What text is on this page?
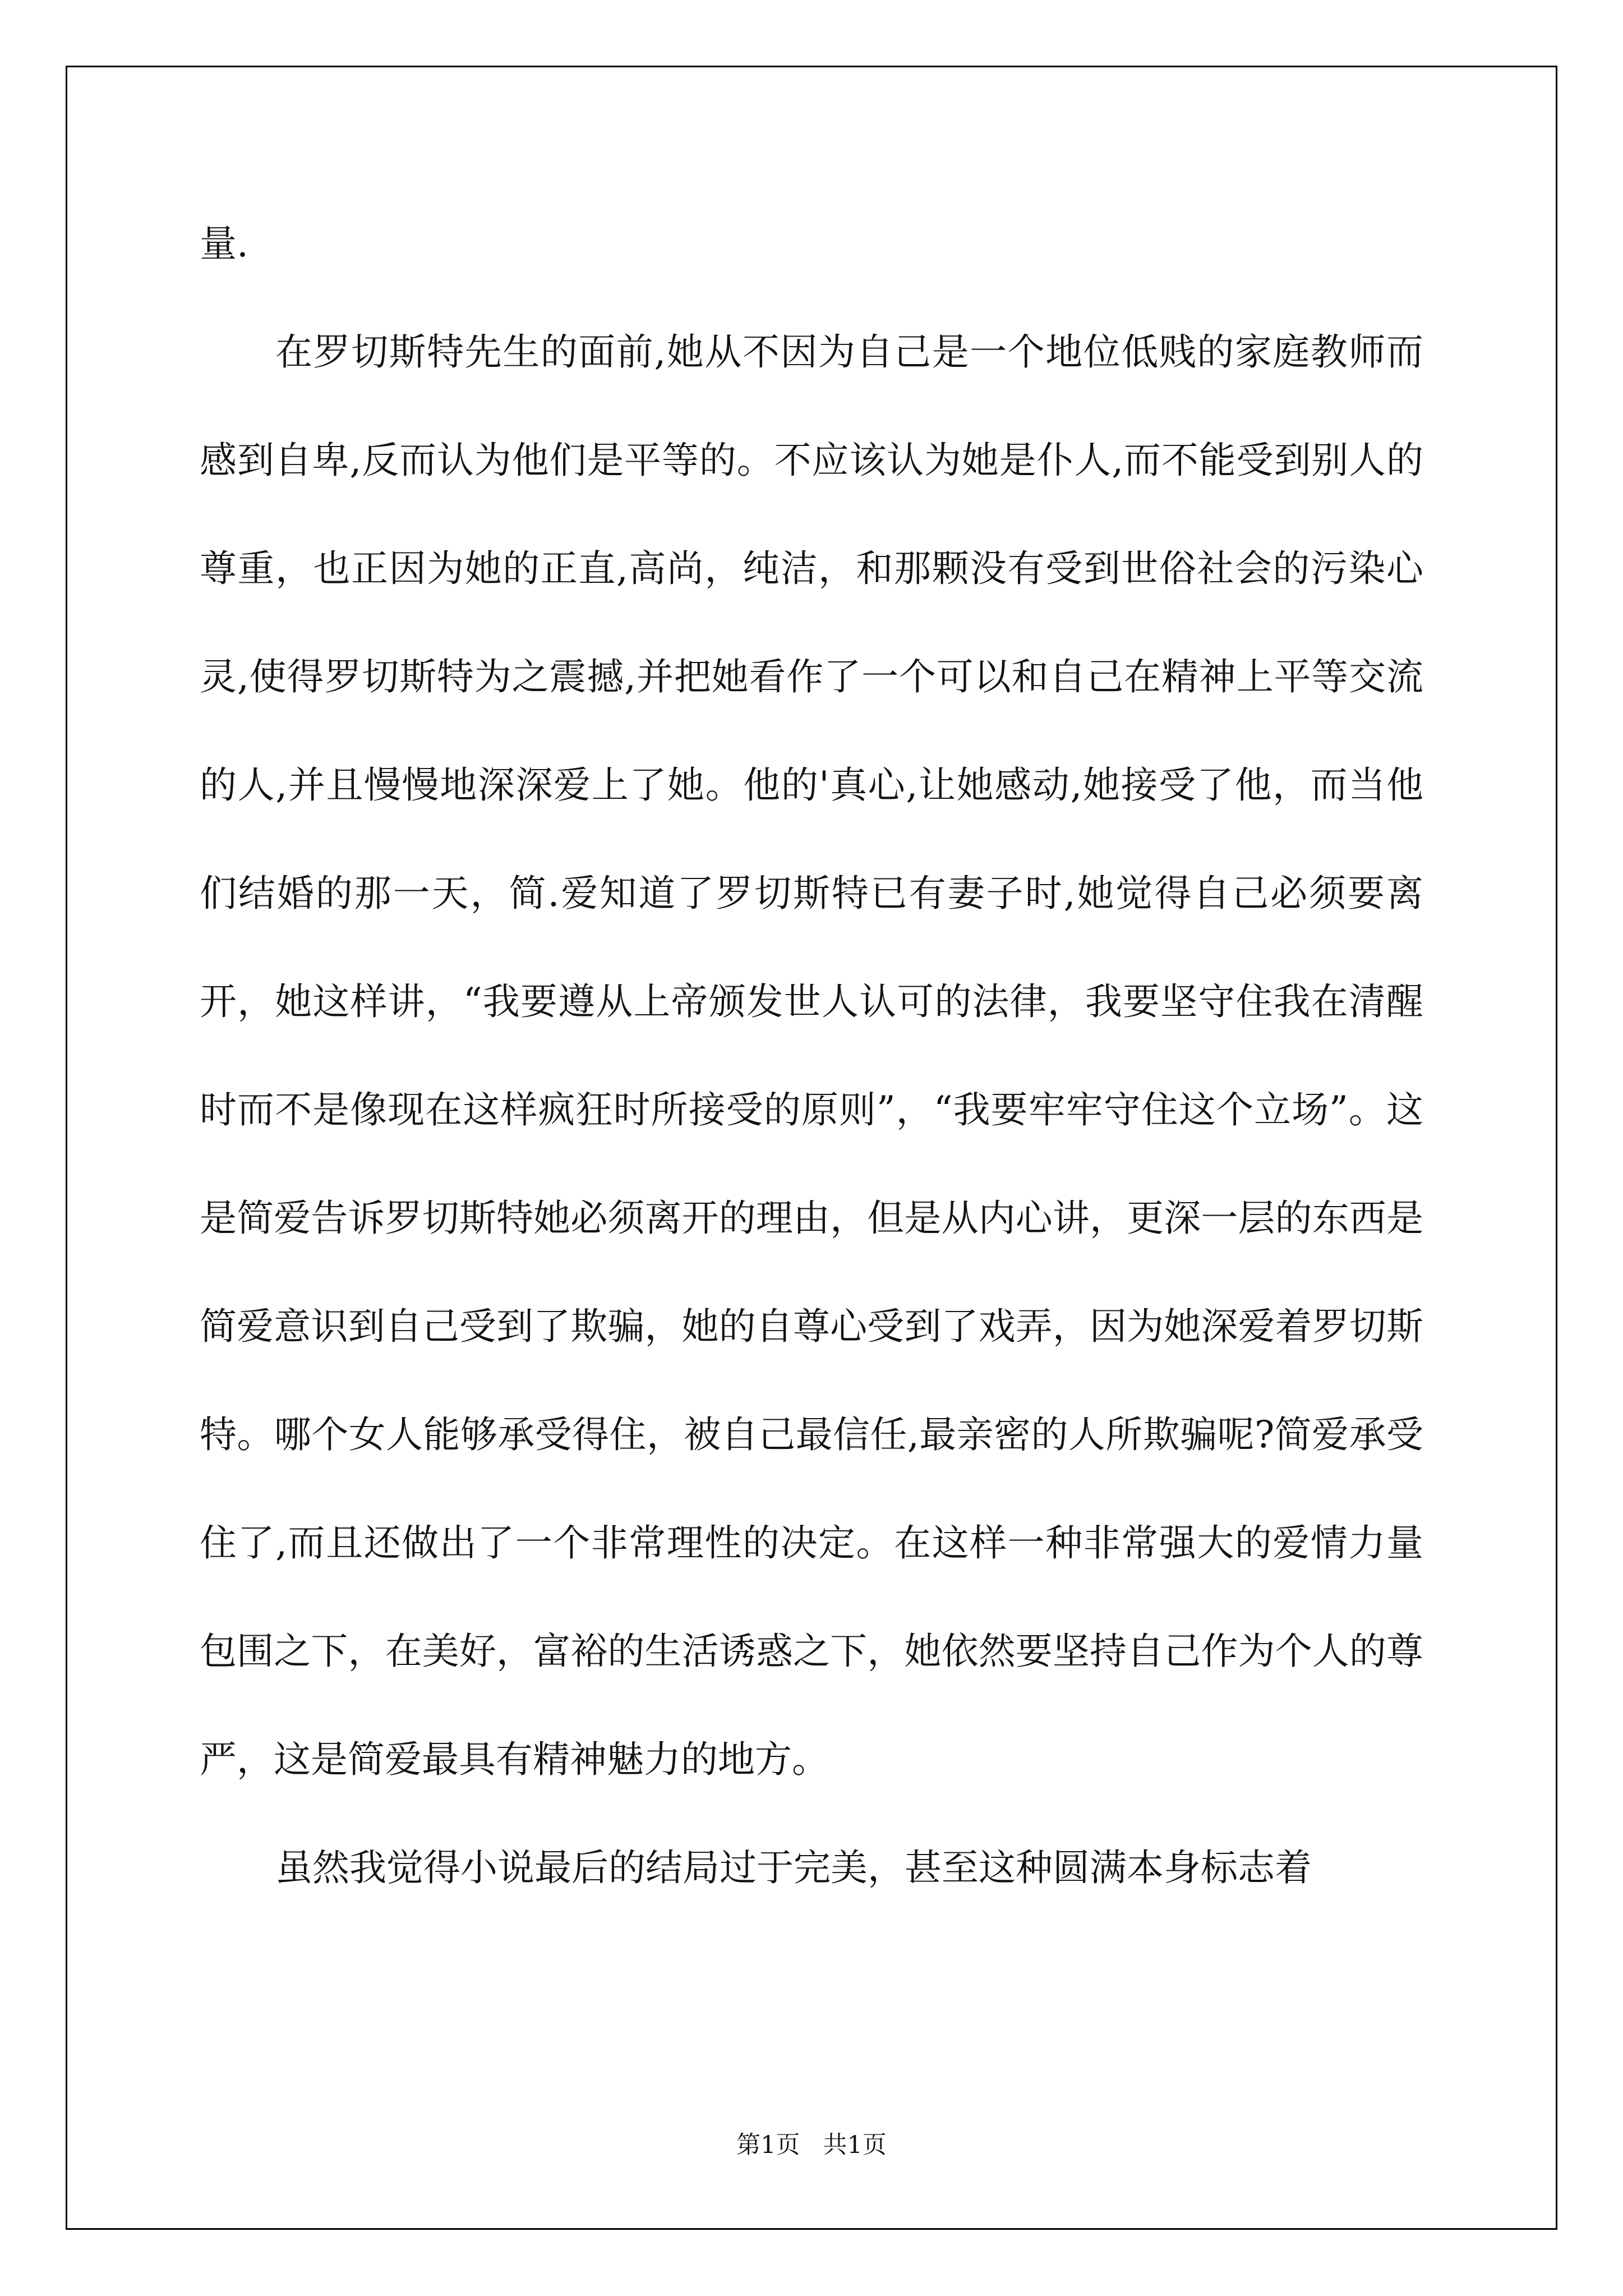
量.

在罗切斯特先生的面前,她从不因为自己是一个地位低贱的家庭教师而感到自卑,反而认为他们是平等的。不应该认为她是仆人,而不能受到别人的尊重，也正因为她的正直,高尚，纯洁，和那颗没有受到世俗社会的污染心灵,使得罗切斯特为之震撼,并把她看作了一个可以和自己在精神上平等交流的人,并且慢慢地深深爱上了她。他的'真心,让她感动,她接受了他，而当他们结婚的那一天，简.爱知道了罗切斯特已有妻子时,她觉得自己必须要离开，她这样讲，“我要遵从上帝颁发世人认可的法律，我要坚守住我在清醒时而不是像现在这样疯狂时所接受的原则”，“我要牢牢守住这个立场”。这是简爱告诉罗切斯特她必须离开的理由，但是从内心讲，更深一层的东西是简爱意识到自己受到了欺骗，她的自尊心受到了戏弄，因为她深爱着罗切斯特。哪个女人能够承受得住，被自己最信任,最亲密的人所欺骗呢?简爱承受住了,而且还做出了一个非常理性的决定。在这样一种非常强大的爱情力量包围之下，在美好，富裕的生活诱惑之下，她依然要坚持自己作为个人的尊严，这是简爱最具有精神魅力的地方。

虽然我觉得小说最后的结局过于完美，甚至这种圆满本身标志着

第1页   共1页
